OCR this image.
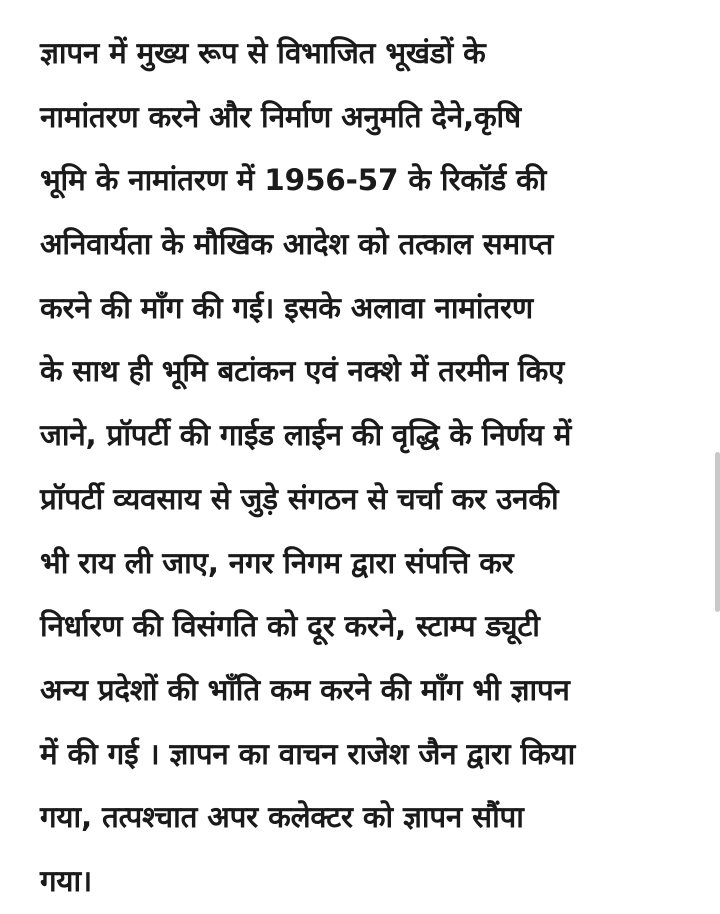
ज्ञापन में मुख्य रूप से विभाजित भूखंडों के
नामांतरण करने और निर्माण अनुमति देने,कृषि
भूमि के नामांतरण में 1956-57 के रिकॉर्ड की
अनिवार्यता के मौखिक आदेश को तत्काल समाप्त
करने की माँग की गई। इसके अलावा नामांतरण
के साथ ही भूमि बटांकन एवं नक्शे में तरमीन किए
जाने, प्रॉपर्टी की गाईड लाईन की वृद्धि के निर्णय में
प्रॉपर्टी व्यवसाय से जुड़े संगठन से चर्चा कर उनकी
भी राय ली जाए, नगर निगम द्वारा संपत्ति कर
निर्धारण की विसंगति को दूर करने, स्टाम्प ड्यूटी
अन्य प्रदेशों की भाँति कम करने की माँग भी ज्ञापन
में की गई । ज्ञापन का वाचन राजेश जैन द्वारा किया
गया, तत्पश्चात अपर कलेक्टर को ज्ञापन सौंपा
गया।
